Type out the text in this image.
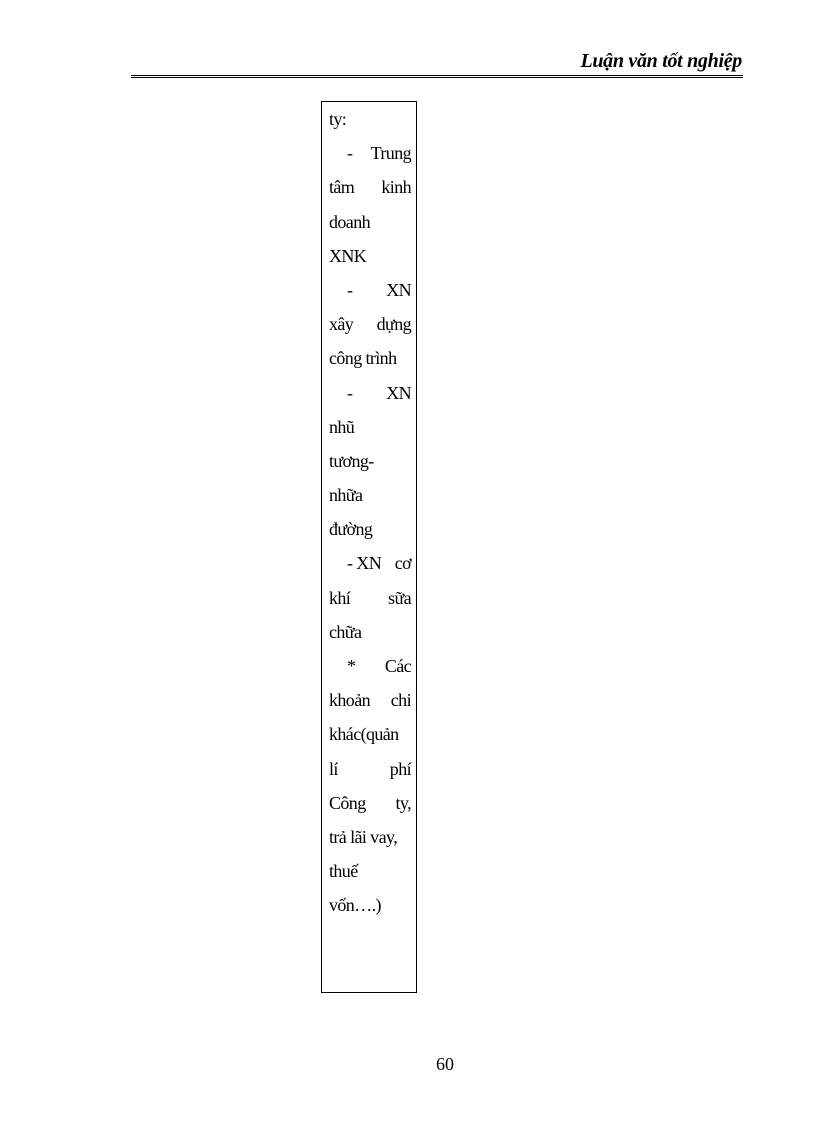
Luận văn tốt nghiệp
ty:
- Trung
tâm kinh
doanh
XNK
- XN
xây dựng
công trình
- XN
nhũ
tương-
nhữa
đường
- XN cơ
khí sữa
chữa
* Các
khoản chi
khác(quản
lí	phí
Công ty,
trả lãi vay,
thuế
vốn….)
60
